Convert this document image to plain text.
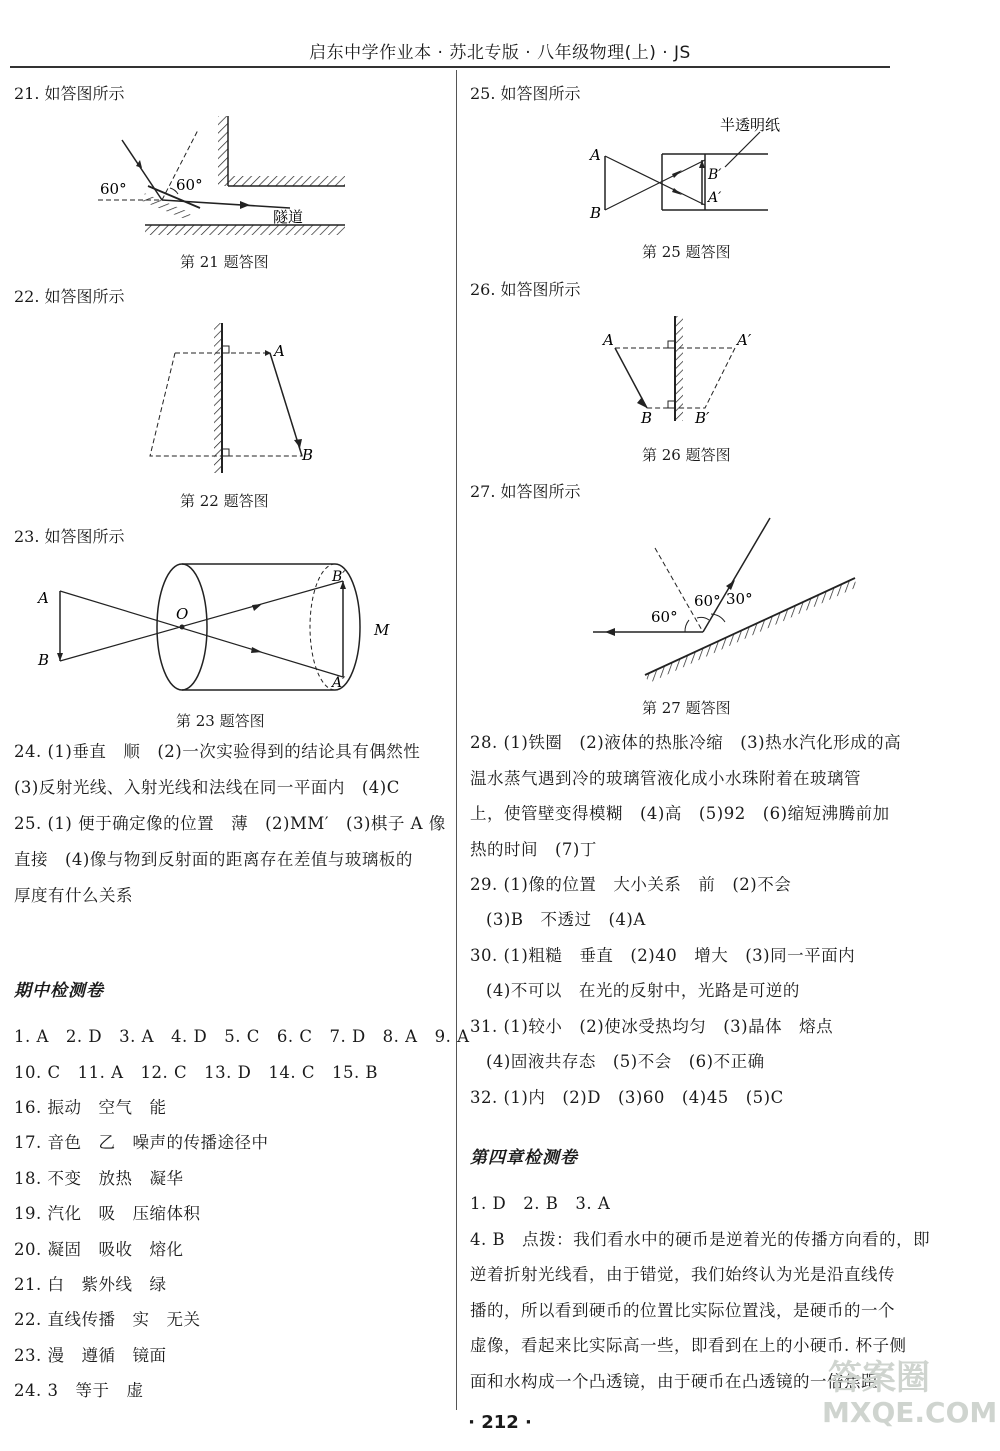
启东中学作业本 · 苏北专版 · 八年级物理(上) · JS
21. 如答图所示
60°	60°
隧道
第 21 题答图
22. 如答图所示
A
B
第 22 题答图
23. 如答图所示
A
B
O
B′
A′
M
第 23 题答图
24. (1)垂直　顺　(2)一次实验得到的结论具有偶然性
(3)反射光线、入射光线和法线在同一平面内　(4)C
25. (1) 便于确定像的位置　薄　(2)MM′　(3)棋子 A 像
直接　(4)像与物到反射面的距离存在差值与玻璃板的
厚度有什么关系
期中检测卷
1. A　2. D　3. A　4. D　5. C　6. C　7. D　8. A　9. A
10. C　11. A　12. C　13. D　14. C　15. B
16. 振动　空气　能
17. 音色　乙　噪声的传播途径中
18. 不变　放热　凝华
19. 汽化　吸　压缩体积
20. 凝固　吸收　熔化
21. 白　紫外线　绿
22. 直线传播　实　无关
23. 漫　遵循　镜面
24. 3　等于　虚
25. 如答图所示
半透明纸
A
B
B′
A′
第 25 题答图
26. 如答图所示
A	A′
B	B′
第 26 题答图
27. 如答图所示
60°
60° 30°
第 27 题答图
28. (1)铁圈　(2)液体的热胀冷缩　(3)热水汽化形成的高
温水蒸气遇到冷的玻璃管液化成小水珠附着在玻璃管
上，使管壁变得模糊　(4)高　(5)92　(6)缩短沸腾前加
热的时间　(7)丁
29. (1)像的位置　大小关系　前　(2)不会
(3)B　不透过　(4)A
30. (1)粗糙　垂直　(2)40　增大　(3)同一平面内
(4)不可以　在光的反射中，光路是可逆的
31. (1)较小　(2)使冰受热均匀　(3)晶体　熔点
(4)固液共存态　(5)不会　(6)不正确
32. (1)内　(2)D　(3)60　(4)45　(5)C
第四章检测卷
1. D　2. B　3. A
4. B　点拨：我们看水中的硬币是逆着光的传播方向看的，即
逆着折射光线看，由于错觉，我们始终认为光是沿直线传
播的，所以看到硬币的位置比实际位置浅，是硬币的一个
虚像，看起来比实际高一些，即看到在上的小硬币. 杯子侧
面和水构成一个凸透镜，由于硬币在凸透镜的一倍焦距
答案圈
MXQE.COM
· 212 ·
